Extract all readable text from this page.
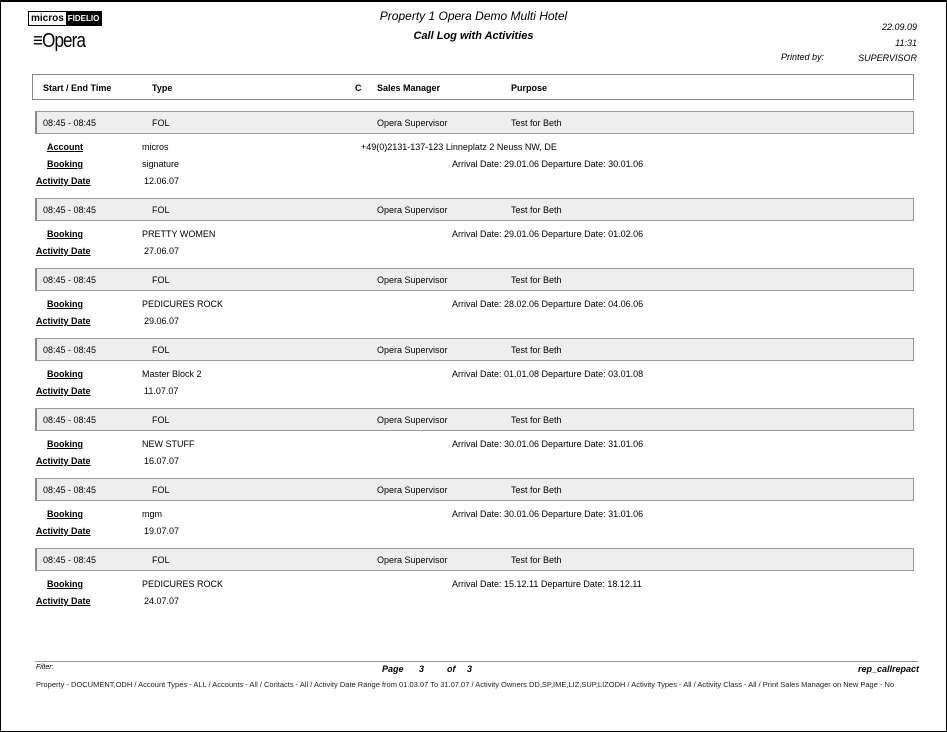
micros FIDELIO
≡Opera
Property 1 Opera Demo Multi Hotel
Call Log with Activities
22.09.09
11:31
Printed by:	SUPERVISOR
Start / End Time	Type	C Sales Manager	Purpose
08:45 - 08:45	FOL	Opera Supervisor	Test for Beth
Account	micros	+49(0)2131-137-123 Linneplatz 2 Neuss NW, DE
Booking	signature	Arrival Date: 29.01.06 Departure Date: 30.01.06
Activity Date	12.06.07
08:45 - 08:45	FOL	Opera Supervisor	Test for Beth
Booking	PRETTY WOMEN	Arrival Date: 29.01.06 Departure Date: 01.02.06
Activity Date	27.06.07
08:45 - 08:45	FOL	Opera Supervisor	Test for Beth
Booking	PEDICURES ROCK	Arrival Date: 28.02.06 Departure Date: 04.06.06
Activity Date	29.06.07
08:45 - 08:45	FOL	Opera Supervisor	Test for Beth
Booking	Master Block 2	Arrival Date: 01.01.08 Departure Date: 03.01.08
Activity Date	11.07.07
08:45 - 08:45	FOL	Opera Supervisor	Test for Beth
Booking	NEW STUFF	Arrival Date: 30.01.06 Departure Date: 31.01.06
Activity Date	16.07.07
08:45 - 08:45	FOL	Opera Supervisor	Test for Beth
Booking	mgm	Arrival Date: 30.01.06 Departure Date: 31.01.06
Activity Date	19.07.07
08:45 - 08:45	FOL	Opera Supervisor	Test for Beth
Booking	PEDICURES ROCK	Arrival Date: 15.12.11 Departure Date: 18.12.11
Activity Date	24.07.07
Filter:	Page 3	of 3	rep_callrepact
Property - DOCUMENT,ODH / Account Types - ALL / Accounts - All / Contacts - All / Activity Date Range from 01.03.07 To 31.07.07 / Activity Owners DD,SP,IME,LIZ,SUP,LIZODH / Activity Types - All / Activity Class - All / Print Sales Manager on New Page - No
